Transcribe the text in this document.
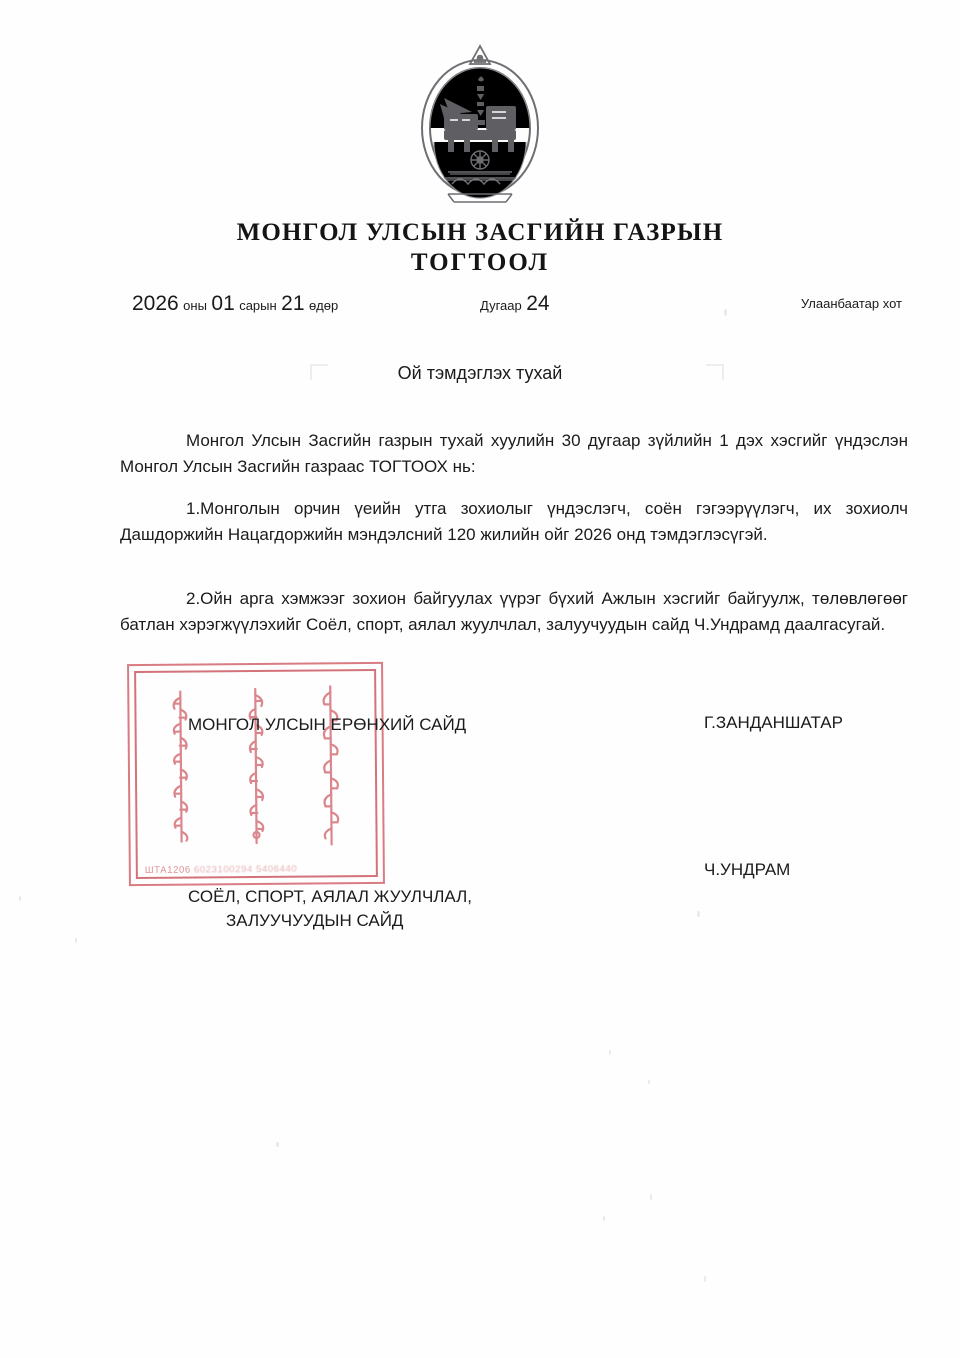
МОНГОЛ УЛСЫН ЗАСГИЙН ГАЗРЫН
ТОГТООЛ
2026 оны 01 сарын 21 өдөр	Дугаар 24	Улаанбаатар хот
Ой тэмдэглэх тухай

Монгол Улсын Засгийн газрын тухай хуулийн 30 дугаар зүйлийн 1 дэх хэсгийг үндэслэн Монгол Улсын Засгийн газраас ТОГТООХ нь:

1.Монголын орчин үеийн утга зохиолыг үндэслэгч, соён гэгээрүүлэгч, их зохиолч Дашдоржийн Нацагдоржийн мэндэлсний 120 жилийн ойг 2026 онд тэмдэглэсүгэй.

2.Ойн арга хэмжээг зохион байгуулах үүрэг бүхий Ажлын хэсгийг байгуулж, төлөвлөгөөг батлан хэрэгжүүлэхийг Соёл, спорт, аялал жуулчлал, залуучуудын сайд Ч.Ундрамд даалгасугай.

ШТА1206 6023100294 5406440
МОНГОЛ УЛСЫН ЕРӨНХИЙ САЙД	Г.ЗАНДАНШАТАР

СОЁЛ, СПОРТ, АЯЛАЛ ЖУУЛЧЛАЛ,

ЗАЛУУЧУУДЫН САЙД

Ч.УНДРАМ
